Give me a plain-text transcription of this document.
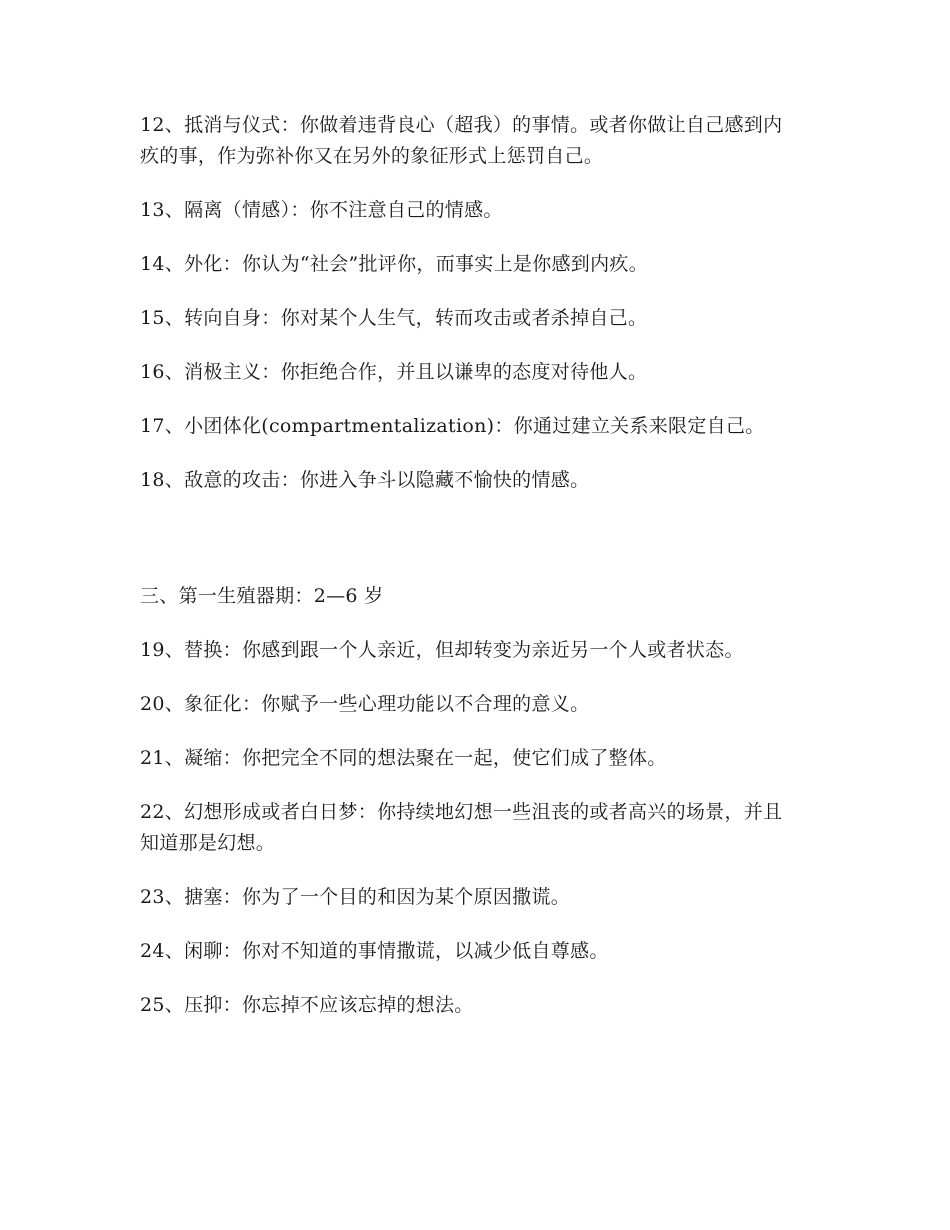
12、抵消与仪式：你做着违背良心（超我）的事情。或者你做让自己感到内疚的事，作为弥补你又在另外的象征形式上惩罚自己。

13、隔离（情感）：你不注意自己的情感。

14、外化：你认为“社会”批评你，而事实上是你感到内疚。

15、转向自身：你对某个人生气，转而攻击或者杀掉自己。

16、消极主义：你拒绝合作，并且以谦卑的态度对待他人。

17、小团体化(compartmentalization)：你通过建立关系来限定自己。

18、敌意的攻击：你进入争斗以隐藏不愉快的情感。

三、第一生殖器期：2—6 岁

19、替换：你感到跟一个人亲近，但却转变为亲近另一个人或者状态。

20、象征化：你赋予一些心理功能以不合理的意义。

21、凝缩：你把完全不同的想法聚在一起，使它们成了整体。

22、幻想形成或者白日梦：你持续地幻想一些沮丧的或者高兴的场景，并且知道那是幻想。

23、搪塞：你为了一个目的和因为某个原因撒谎。

24、闲聊：你对不知道的事情撒谎，以减少低自尊感。

25、压抑：你忘掉不应该忘掉的想法。
